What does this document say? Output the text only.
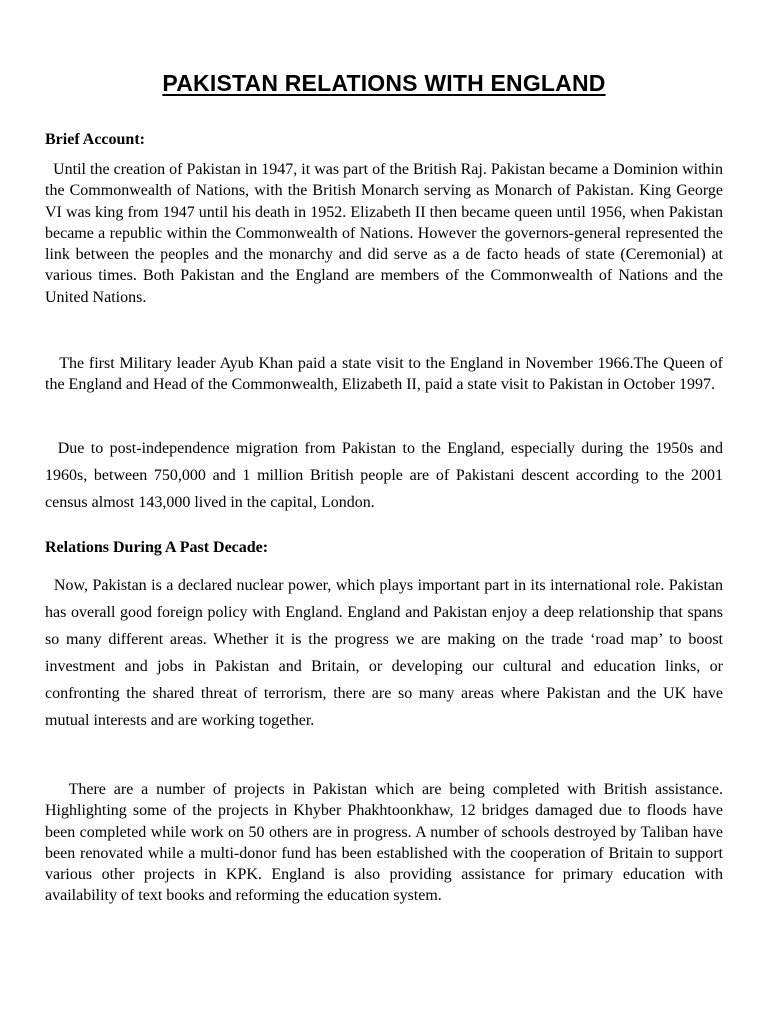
PAKISTAN RELATIONS WITH ENGLAND
Brief Account:
Until the creation of Pakistan in 1947, it was part of the British Raj. Pakistan became a Dominion within the Commonwealth of Nations, with the British Monarch serving as Monarch of Pakistan. King George VI was king from 1947 until his death in 1952. Elizabeth II then became queen until 1956, when Pakistan became a republic within the Commonwealth of Nations. However the governors-general represented the link between the peoples and the monarchy and did serve as a de facto heads of state (Ceremonial) at various times. Both Pakistan and the England are members of the Commonwealth of Nations and the United Nations.
The first Military leader Ayub Khan paid a state visit to the England in November 1966.The Queen of the England and Head of the Commonwealth, Elizabeth II, paid a state visit to Pakistan in October 1997.
Due to post-independence migration from Pakistan to the England, especially during the 1950s and 1960s, between 750,000 and 1 million British people are of Pakistani descent according to the 2001 census almost 143,000 lived in the capital, London.
Relations During A Past Decade:
Now, Pakistan is a declared nuclear power, which plays important part in its international role. Pakistan has overall good foreign policy with England. England and Pakistan enjoy a deep relationship that spans so many different areas. Whether it is the progress we are making on the trade ‘road map’ to boost investment and jobs in Pakistan and Britain, or developing our cultural and education links, or confronting the shared threat of terrorism, there are so many areas where Pakistan and the UK have mutual interests and are working together.
There are a number of projects in Pakistan which are being completed with British assistance. Highlighting some of the projects in Khyber Phakhtoonkhaw, 12 bridges damaged due to floods have been completed while work on 50 others are in progress. A number of schools destroyed by Taliban have been renovated while a multi-donor fund has been established with the cooperation of Britain to support various other projects in KPK. England is also providing assistance for primary education with availability of text books and reforming the education system.
